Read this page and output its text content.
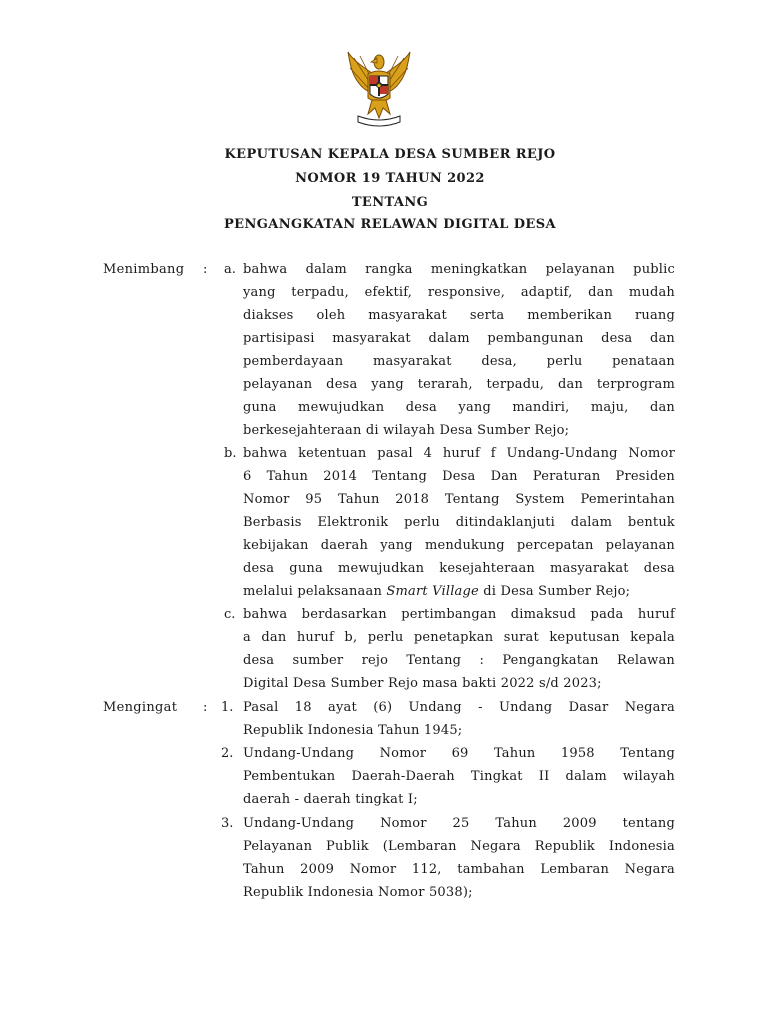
KEPUTUSAN KEPALA DESA SUMBER REJO
NOMOR 19 TAHUN 2022
TENTANG
PENGANGKATAN RELAWAN DIGITAL DESA
Menimbang : a. bahwa dalam rangka meningkatkan pelayanan public
yang terpadu, efektif, responsive, adaptif, dan mudah
diakses oleh masyarakat serta memberikan ruang
partisipasi masyarakat dalam pembangunan desa dan
pemberdayaan masyarakat desa, perlu penataan
pelayanan desa yang terarah, terpadu, dan terprogram
guna mewujudkan desa yang mandiri, maju, dan
berkesejahteraan di wilayah Desa Sumber Rejo;
b. bahwa ketentuan pasal 4 huruf f Undang-Undang Nomor
6 Tahun 2014 Tentang Desa Dan Peraturan Presiden
Nomor 95 Tahun 2018 Tentang System Pemerintahan
Berbasis Elektronik perlu ditindaklanjuti dalam bentuk
kebijakan daerah yang mendukung percepatan pelayanan
desa guna mewujudkan kesejahteraan masyarakat desa
melalui pelaksanaan Smart Village di Desa Sumber Rejo;
c. bahwa berdasarkan pertimbangan dimaksud pada huruf
a dan huruf b, perlu penetapkan surat keputusan kepala
desa sumber rejo Tentang : Pengangkatan Relawan
Digital Desa Sumber Rejo masa bakti 2022 s/d 2023;
Mengingat : 1. Pasal 18 ayat (6) Undang - Undang Dasar Negara
Republik Indonesia Tahun 1945;
2. Undang-Undang Nomor 69 Tahun 1958 Tentang
Pembentukan Daerah-Daerah Tingkat II dalam wilayah
daerah - daerah tingkat I;
3. Undang-Undang Nomor 25 Tahun 2009 tentang
Pelayanan Publik (Lembaran Negara Republik Indonesia
Tahun 2009 Nomor 112, tambahan Lembaran Negara
Republik Indonesia Nomor 5038);
